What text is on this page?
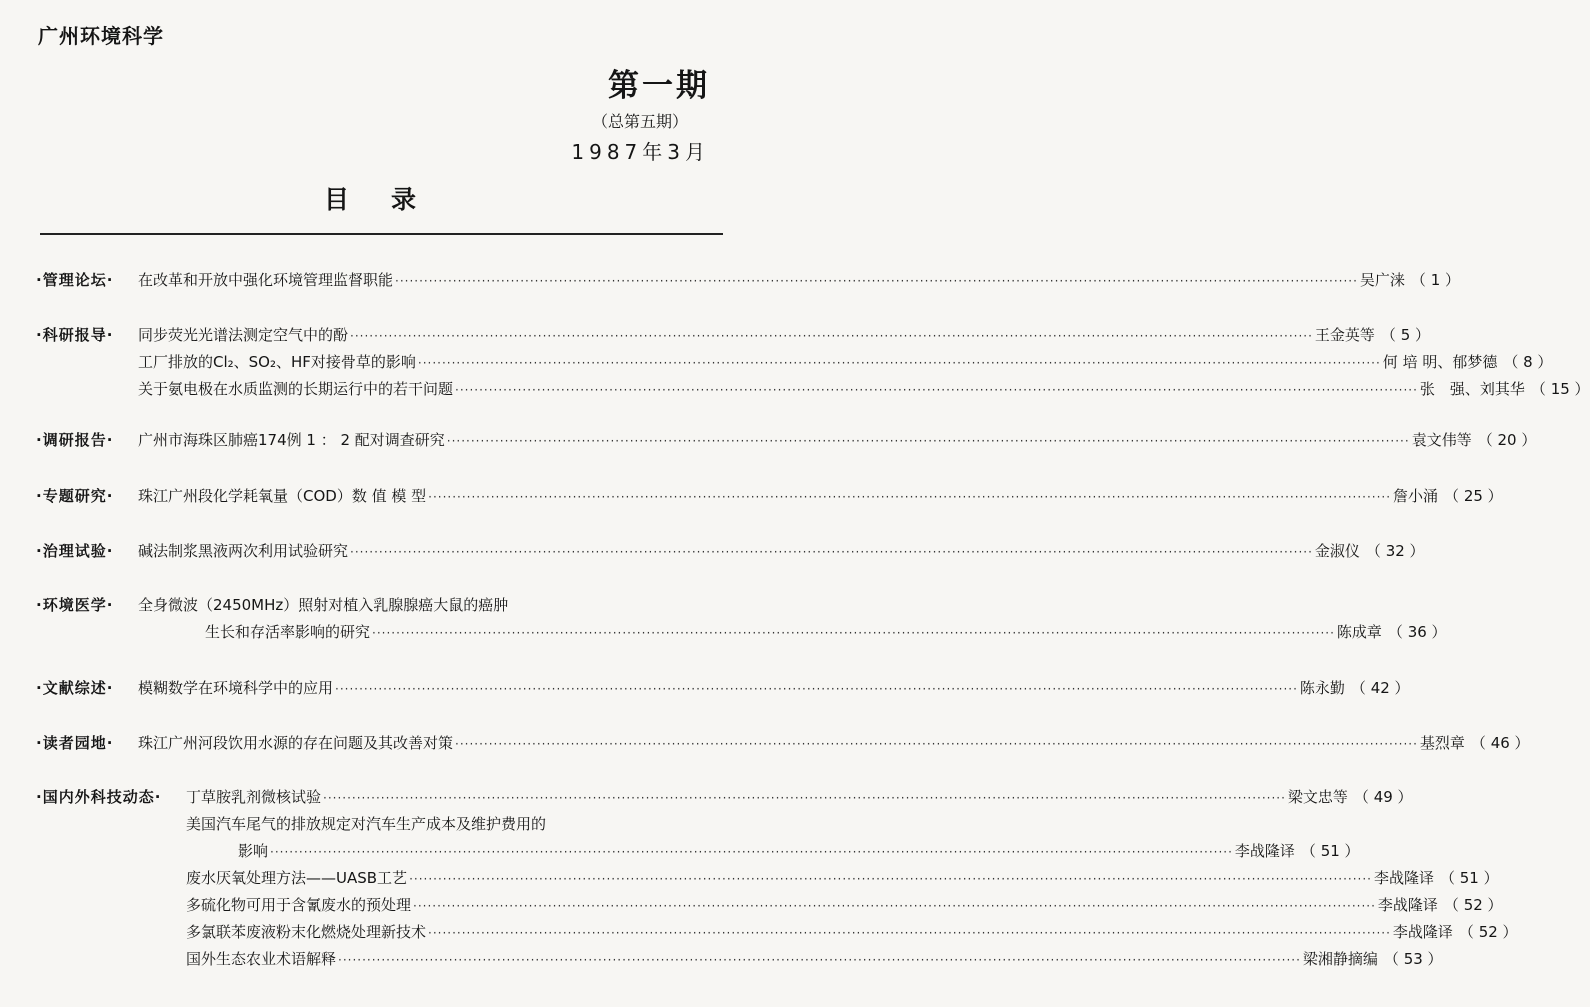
广州环境科学
第一期
（总第五期）
1987年3月
目录
·管理论坛· 在改革和开放中强化环境管理监督职能 ········································································································································································································ 吴广涞 （ 1 ）
·科研报导· 同步荧光光谱法测定空气中的酚 ········································································································································································································ 王金英等 （ 5 ）
工厂排放的Cl₂、SO₂、HF对接骨草的影响 ········································································································································································································ 何 培 明、郁梦德 （ 8 ）
关于氨电极在水质监测的长期运行中的若干问题 ········································································································································································································ 张　强、刘其华 （ 15 ）
·调研报告· 广州市海珠区肺癌174例 1 ： 2 配对调查研究 ········································································································································································································ 袁文伟等 （ 20 ）
·专题研究· 珠江广州段化学耗氧量（COD）数 值 模 型 ········································································································································································································ 詹小涌 （ 25 ）
·治理试验· 碱法制浆黑液两次利用试验研究 ········································································································································································································ 金淑仪 （ 32 ）
·环境医学· 全身微波（2450MHz）照射对植入乳腺腺癌大鼠的癌肿
生长和存活率影响的研究 ········································································································································································································ 陈成章 （ 36 ）
·文献综述· 模糊数学在环境科学中的应用 ········································································································································································································ 陈永勤 （ 42 ）
·读者园地· 珠江广州河段饮用水源的存在问题及其改善对策 ········································································································································································································ 基烈章 （ 46 ）
·国内外科技动态· 丁草胺乳剂微核试验 ········································································································································································································ 梁文忠等 （ 49 ）
美国汽车尾气的排放规定对汽车生产成本及维护费用的
影响 ········································································································································································································ 李战隆译 （ 51 ）
废水厌氧处理方法——UASB工艺 ········································································································································································································ 李战隆译 （ 51 ）
多硫化物可用于含氰废水的预处理 ········································································································································································································ 李战隆译 （ 52 ）
多氯联苯废液粉末化燃烧处理新技术 ········································································································································································································ 李战隆译 （ 52 ）
国外生态农业术语解释 ········································································································································································································ 梁湘静摘编 （ 53 ）
